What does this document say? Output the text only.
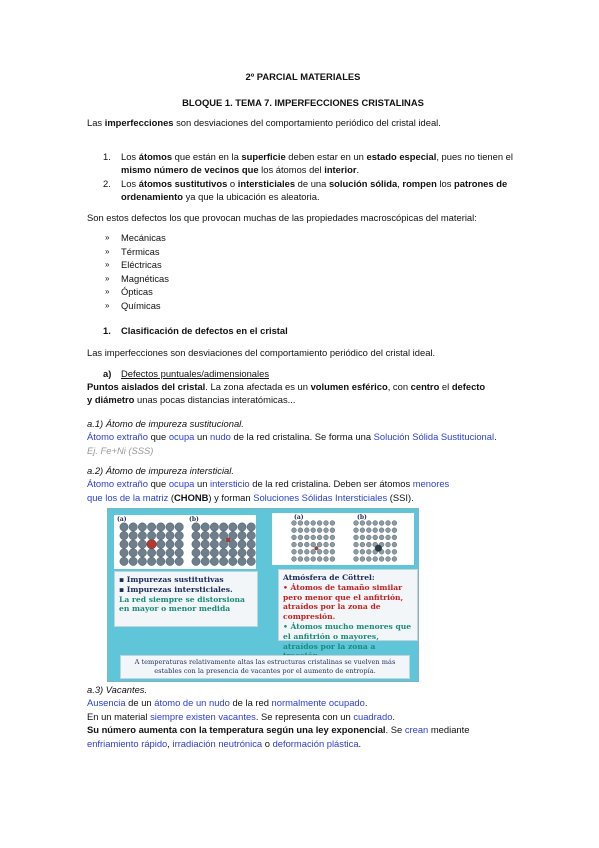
2º PARCIAL MATERIALES
BLOQUE 1. TEMA 7. IMPERFECCIONES CRISTALINAS
Las imperfecciones son desviaciones del comportamiento periódico del cristal ideal.
1. Los átomos que están en la superficie deben estar en un estado especial, pues no tienen el mismo número de vecinos que los átomos del interior.
2. Los átomos sustitutivos o intersticiales de una solución sólida, rompen los patrones de ordenamiento ya que la ubicación es aleatoria.
Son estos defectos los que provocan muchas de las propiedades macroscópicas del material:
» Mecánicas
» Térmicas
» Eléctricas
» Magnéticas
» Ópticas
» Químicas
1. Clasificación de defectos en el cristal
Las imperfecciones son desviaciones del comportamiento periódico del cristal ideal.
a) Defectos puntuales/adimensionales
Puntos aislados del cristal. La zona afectada es un volumen esférico, con centro el defecto
y diámetro unas pocas distancias interatómicas...
a.1) Átomo de impureza sustitucional.
Átomo extraño que ocupa un nudo de la red cristalina. Se forma una Solución Sólida Sustitucional.
Ej. Fe+Ni (SSS)
a.2) Átomo de impureza intersticial.
Átomo extraño que ocupa un intersticio de la red cristalina. Deben ser átomos menores
que los de la matriz (CHONB) y forman Soluciones Sólidas Intersticiales (SSI).
(a)	(b)	(a)	(b)
▪ Impurezas sustitutivas
▪ Impurezas intersticiales.
La red siempre se distorsiona en mayor o menor medida
Atmósfera de Cöttrel:
• Átomos de tamaño similar pero menor que el anfitrión, atraídos por la zona de compresión.
• Átomos mucho menores que el anfitrión o mayores, atraídos por la zona a
A temperaturas relativamente altas las estructuras cristalinas se vuelven más estables con la presencia de vacantes por el aumento de entropía.
a.3) Vacantes.
Ausencia de un átomo de un nudo de la red normalmente ocupado.
En un material siempre existen vacantes. Se representa con un cuadrado.
Su número aumenta con la temperatura según una ley exponencial. Se crean mediante
enfriamiento rápido, irradiación neutrónica o deformación plástica.
